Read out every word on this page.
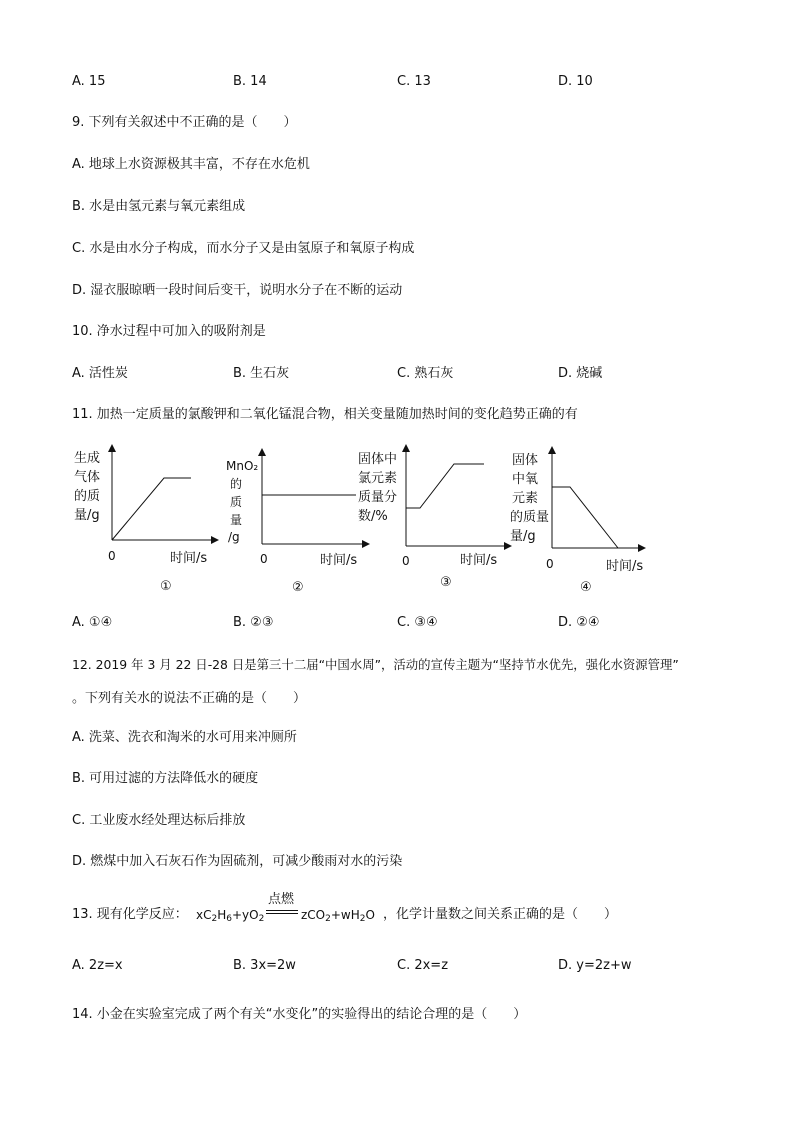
A. 15	B. 14	C. 13	D. 10
9. 下列有关叙述中不正确的是（　　）
A. 地球上水资源极其丰富，不存在水危机
B. 水是由氢元素与氧元素组成
C. 水是由水分子构成，而水分子又是由氢原子和氧原子构成
D. 湿衣服晾晒一段时间后变干，说明水分子在不断的运动
10. 净水过程中可加入的吸附剂是
A. 活性炭	B. 生石灰	C. 熟石灰	D. 烧碱
11. 加热一定质量的氯酸钾和二氧化锰混合物，相关变量随加热时间的变化趋势正确的有
生成
气体
的质
量/g
0	时间/s
①
MnO₂
的
质
量
/g
0	时间/s
②
固体中
氯元素
质量分
数/%
0	时间/s
③
固体
中氧
元素
的质量
量/g
0	时间/s
④
A. ①④	B. ②③	C. ③④	D. ②④
12. 2019 年 3 月 22 日-28 日是第三十二届“中国水周”，活动的宣传主题为“坚持节水优先，强化水资源管理”
。下列有关水的说法不正确的是（　　）
A. 洗菜、洗衣和淘米的水可用来冲厕所
B. 可用过滤的方法降低水的硬度
C. 工业废水经处理达标后排放
D. 燃煤中加入石灰石作为固硫剂，可减少酸雨对水的污染
13. 现有化学反应： $xC_2H_6+yO_2$
点燃
$zCO_2+wH_2O$ ，化学计量数之间关系正确的是（　　）
A. 2z=x	B. 3x=2w	C. 2x=z	D. y=2z+w
14. 小金在实验室完成了两个有关“水变化”的实验得出的结论合理的是（　　）
